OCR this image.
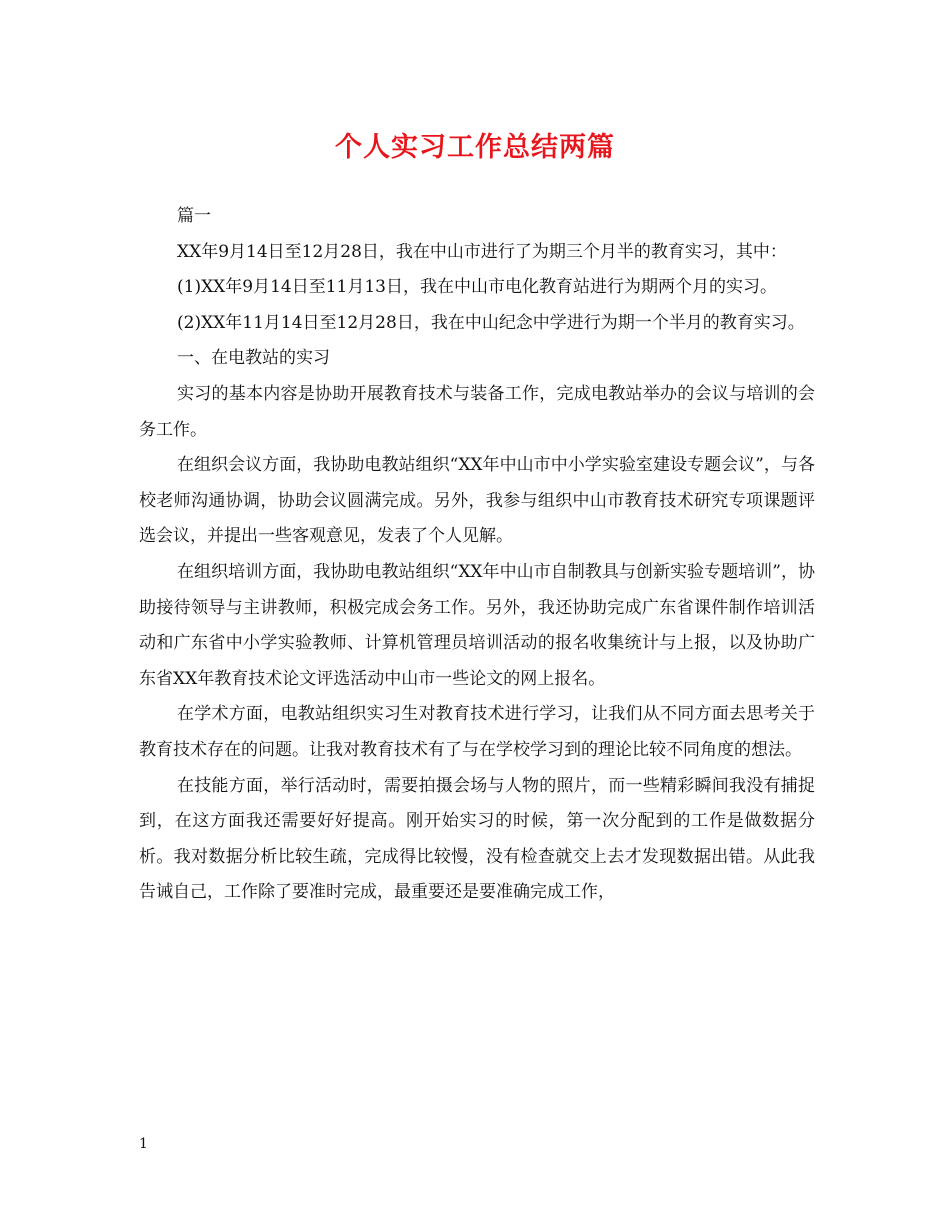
个人实习工作总结两篇

篇一

XX年9月14日至12月28日，我在中山市进行了为期三个月半的教育实习，其中：

(1)XX年9月14日至11月13日，我在中山市电化教育站进行为期两个月的实习。

(2)XX年11月14日至12月28日，我在中山纪念中学进行为期一个半月的教育实习。

一、在电教站的实习

实习的基本内容是协助开展教育技术与装备工作，完成电教站举办的会议与培训的会务工作。

在组织会议方面，我协助电教站组织“XX年中山市中小学实验室建设专题会议”，与各校老师沟通协调，协助会议圆满完成。另外，我参与组织中山市教育技术研究专项课题评选会议，并提出一些客观意见，发表了个人见解。

在组织培训方面，我协助电教站组织“XX年中山市自制教具与创新实验专题培训”，协助接待领导与主讲教师，积极完成会务工作。另外，我还协助完成广东省课件制作培训活动和广东省中小学实验教师、计算机管理员培训活动的报名收集统计与上报，以及协助广东省XX年教育技术论文评选活动中山市一些论文的网上报名。

在学术方面，电教站组织实习生对教育技术进行学习，让我们从不同方面去思考关于教育技术存在的问题。让我对教育技术有了与在学校学习到的理论比较不同角度的想法。

在技能方面，举行活动时，需要拍摄会场与人物的照片，而一些精彩瞬间我没有捕捉到，在这方面我还需要好好提高。刚开始实习的时候，第一次分配到的工作是做数据分析。我对数据分析比较生疏，完成得比较慢，没有检查就交上去才发现数据出错。从此我告诫自己，工作除了要准时完成，最重要还是要准确完成工作，

1
